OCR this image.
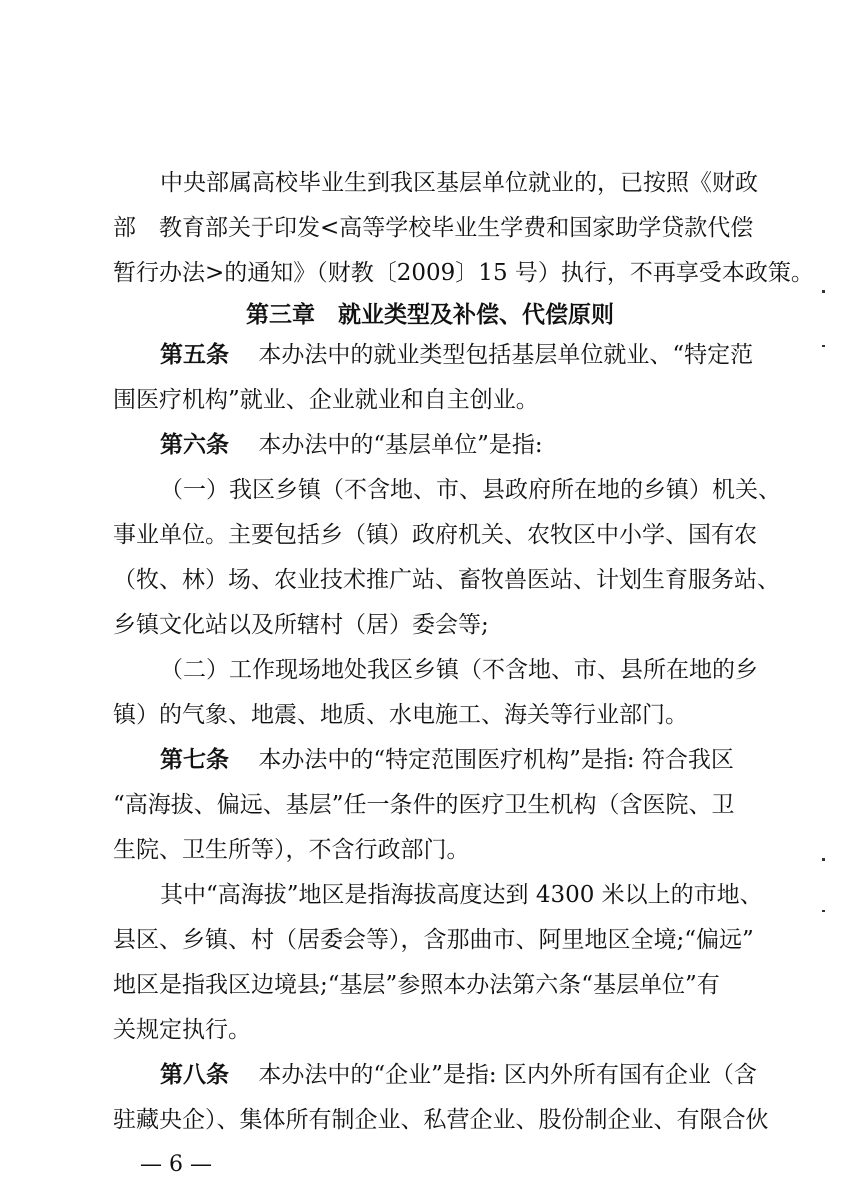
中央部属高校毕业生到我区基层单位就业的，已按照《财政
部　教育部关于印发<高等学校毕业生学费和国家助学贷款代偿
暂行办法>的通知》（财教〔2009〕15 号）执行，不再享受本政策。
第三章　就业类型及补偿、代偿原则
第五条 本办法中的就业类型包括基层单位就业、“特定范
围医疗机构”就业、企业就业和自主创业。
第六条 本办法中的“基层单位”是指:
（一）我区乡镇（不含地、市、县政府所在地的乡镇）机关、
事业单位。主要包括乡（镇）政府机关、农牧区中小学、国有农
（牧、林）场、农业技术推广站、畜牧兽医站、计划生育服务站、
乡镇文化站以及所辖村（居）委会等;
（二）工作现场地处我区乡镇（不含地、市、县所在地的乡
镇）的气象、地震、地质、水电施工、海关等行业部门。
第七条 本办法中的“特定范围医疗机构”是指: 符合我区
“高海拔、偏远、基层”任一条件的医疗卫生机构（含医院、卫
生院、卫生所等），不含行政部门。
其中“高海拔”地区是指海拔高度达到 4300 米以上的市地、
县区、乡镇、村（居委会等），含那曲市、阿里地区全境;“偏远”
地区是指我区边境县;“基层”参照本办法第六条“基层单位”有
关规定执行。
第八条 本办法中的“企业”是指: 区内外所有国有企业（含
驻藏央企）、集体所有制企业、私营企业、股份制企业、有限合伙
— 6 —
